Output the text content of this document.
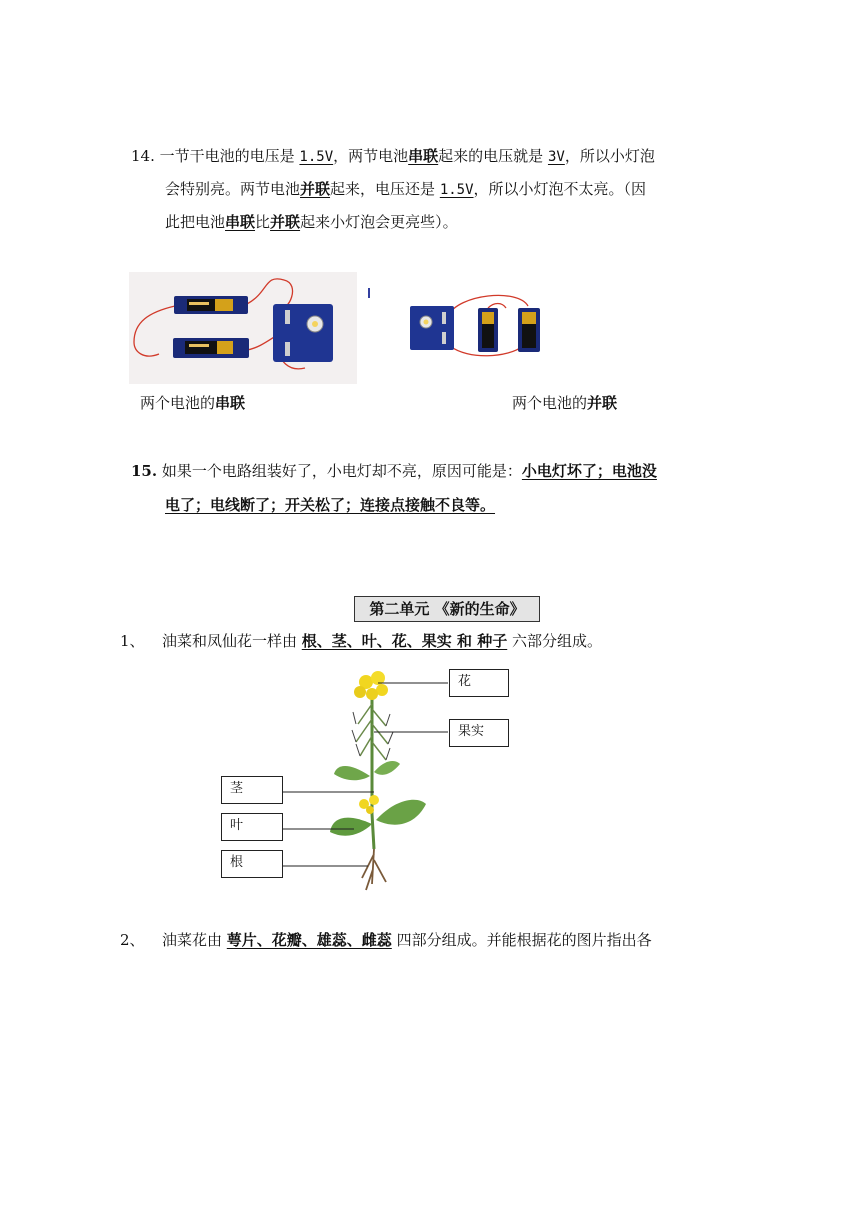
14. 一节干电池的电压是 1.5V，两节电池串联起来的电压就是 3V，所以小灯泡
会特别亮。两节电池并联起来，电压还是 1.5V，所以小灯泡不太亮。（因
此把电池串联比并联起来小灯泡会更亮些）。
两个电池的串联	两个电池的并联
15. 如果一个电路组装好了，小电灯却不亮，原因可能是：小电灯坏了；电池没
电了；电线断了；开关松了；连接点接触不良等。
第二单元 《新的生命》
1、 油菜和凤仙花一样由 根、茎、叶、花、果实 和 种子 六部分组成。
花
果实
茎
叶
根
2、 油菜花由 萼片、花瓣、雄蕊、雌蕊 四部分组成。并能根据花的图片指出各
